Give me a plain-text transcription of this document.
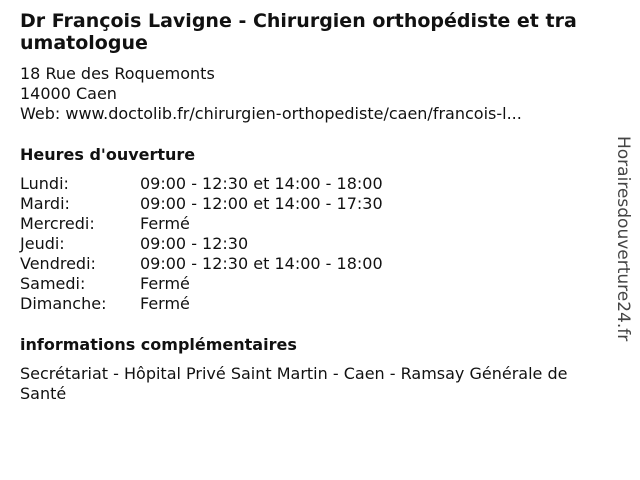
Dr François Lavigne - Chirurgien orthopédiste et tra
umatologue
18 Rue des Roquemonts
14000 Caen
Web: www.doctolib.fr/chirurgien-orthopediste/caen/francois-l...
Heures d'ouverture
Lundi:	09:00 - 12:30 et 14:00 - 18:00
Mardi:	09:00 - 12:00 et 14:00 - 17:30
Mercredi:	Fermé
Jeudi:	09:00 - 12:30
Vendredi:	09:00 - 12:30 et 14:00 - 18:00
Samedi:	Fermé
Dimanche: Fermé
informations complémentaires
Secrétariat - Hôpital Privé Saint Martin - Caen - Ramsay Générale de
Santé
Horairesdouverture24.fr
